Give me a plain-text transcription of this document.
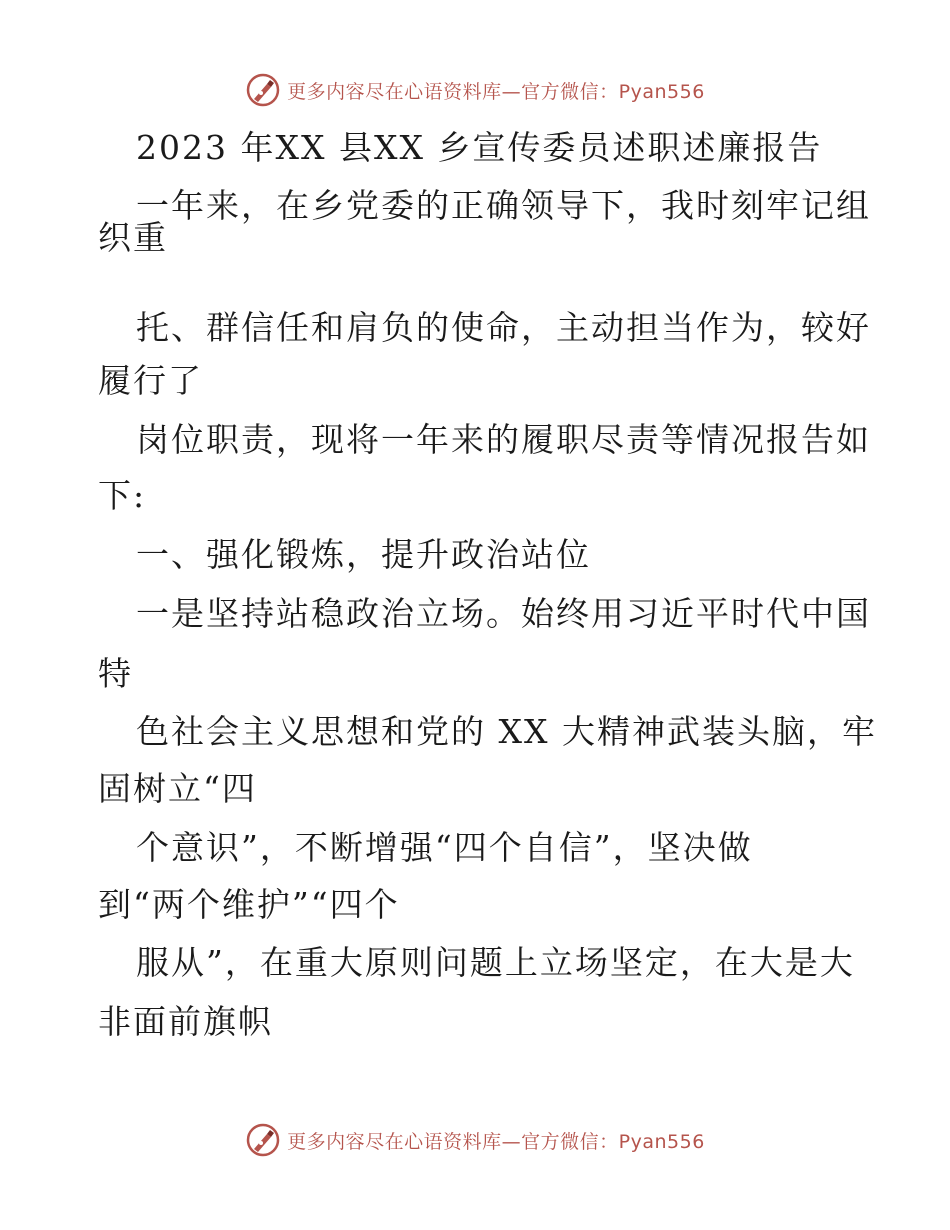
更多内容尽在心语资料库—官方微信：Pyan556
2023 年XX 县XX 乡宣传委员述职述廉报告
一年来，在乡党委的正确领导下，我时刻牢记组
织重
托、群信任和肩负的使命，主动担当作为，较好
履行了
岗位职责，现将一年来的履职尽责等情况报告如
下:
一、强化锻炼，提升政治站位
一是坚持站稳政治立场。始终用习近平时代中国
特
色社会主义思想和党的 XX 大精神武装头脑，牢
固树立“四
个意识”，不断增强“四个自信”，坚决做
到“两个维护”“四个
服从”，在重大原则问题上立场坚定，在大是大
非面前旗帜
更多内容尽在心语资料库—官方微信：Pyan556
